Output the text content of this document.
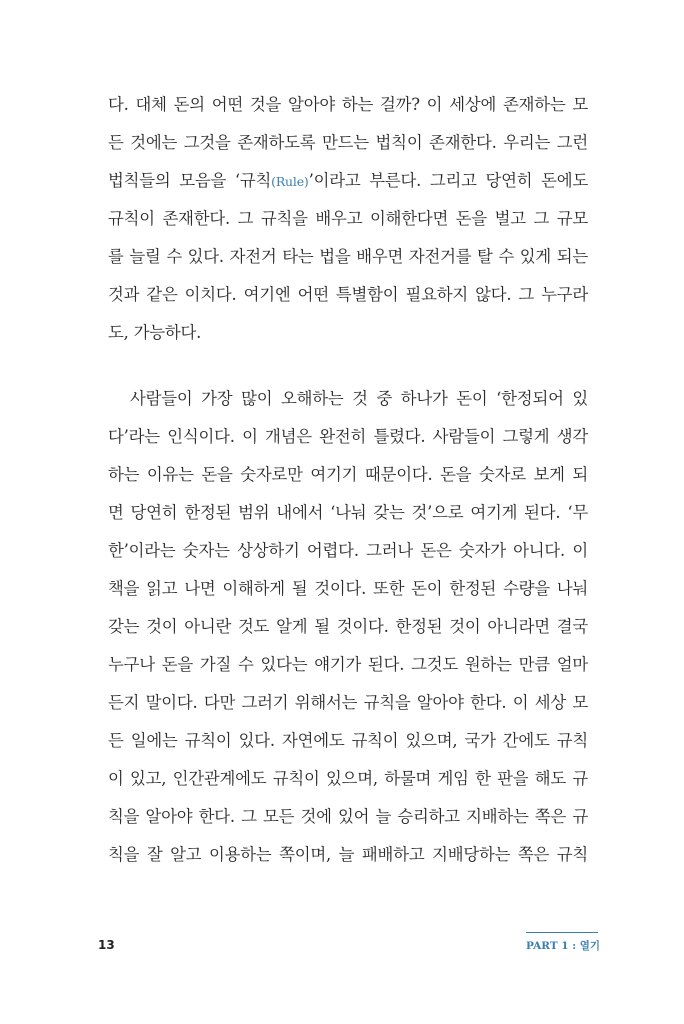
다. 대체 돈의 어떤 것을 알아야 하는 걸까? 이 세상에 존재하는 모
든 것에는 그것을 존재하도록 만드는 법칙이 존재한다. 우리는 그런
법칙들의 모음을 ‘규칙(Rule)’이라고 부른다. 그리고 당연히 돈에도
규칙이 존재한다. 그 규칙을 배우고 이해한다면 돈을 벌고 그 규모
를 늘릴 수 있다. 자전거 타는 법을 배우면 자전거를 탈 수 있게 되는
것과 같은 이치다. 여기엔 어떤 특별함이 필요하지 않다. 그 누구라
도, 가능하다.
사람들이 가장 많이 오해하는 것 중 하나가 돈이 ‘한정되어 있
다’라는 인식이다. 이 개념은 완전히 틀렸다. 사람들이 그렇게 생각
하는 이유는 돈을 숫자로만 여기기 때문이다. 돈을 숫자로 보게 되
면 당연히 한정된 범위 내에서 ‘나눠 갖는 것’으로 여기게 된다. ‘무
한’이라는 숫자는 상상하기 어렵다. 그러나 돈은 숫자가 아니다. 이
책을 읽고 나면 이해하게 될 것이다. 또한 돈이 한정된 수량을 나눠
갖는 것이 아니란 것도 알게 될 것이다. 한정된 것이 아니라면 결국
누구나 돈을 가질 수 있다는 얘기가 된다. 그것도 원하는 만큼 얼마
든지 말이다. 다만 그러기 위해서는 규칙을 알아야 한다. 이 세상 모
든 일에는 규칙이 있다. 자연에도 규칙이 있으며, 국가 간에도 규칙
이 있고, 인간관계에도 규칙이 있으며, 하물며 게임 한 판을 해도 규
칙을 알아야 한다. 그 모든 것에 있어 늘 승리하고 지배하는 쪽은 규
칙을 잘 알고 이용하는 쪽이며, 늘 패배하고 지배당하는 쪽은 규칙
13	PART 1 : 열기
